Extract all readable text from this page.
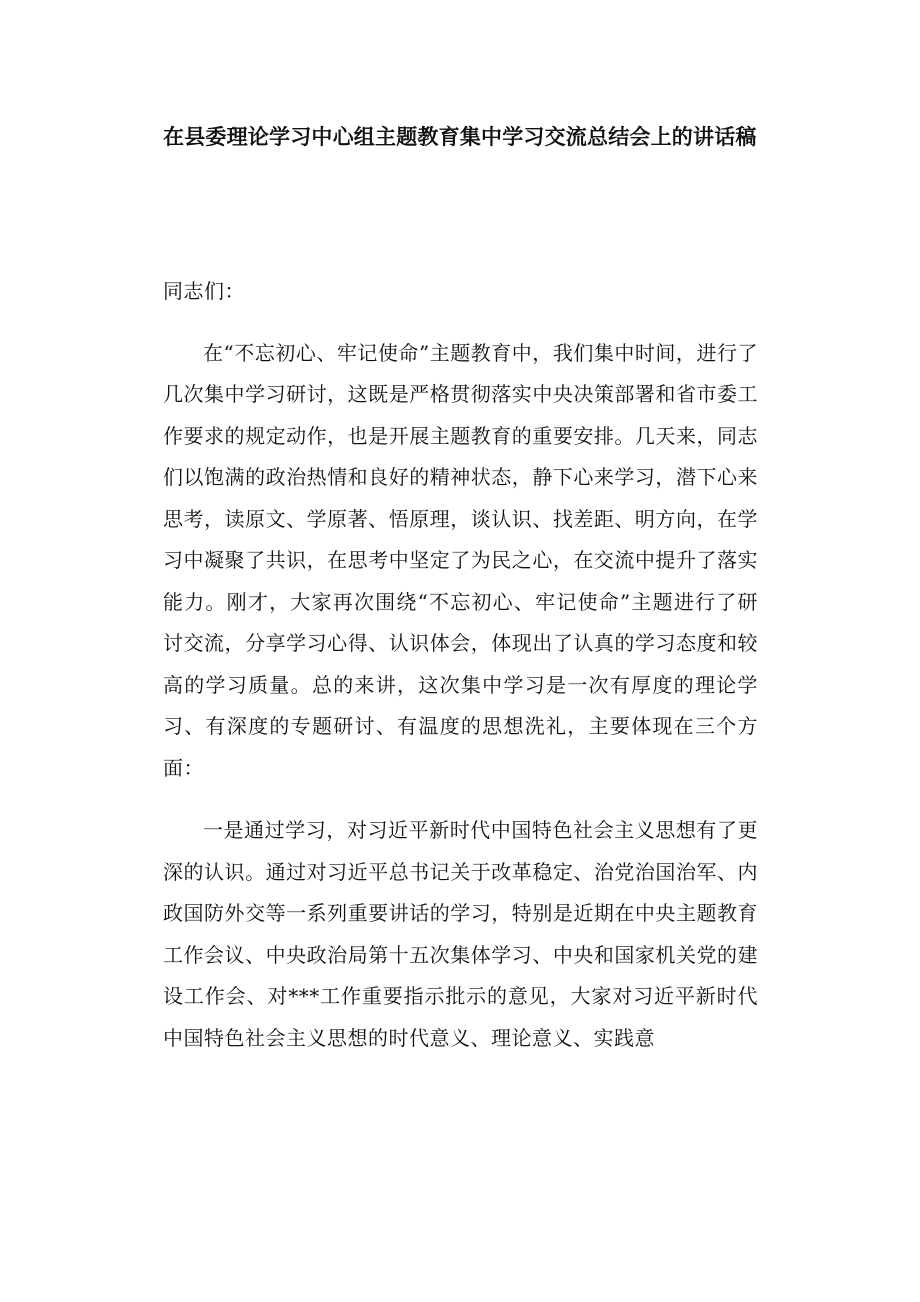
在县委理论学习中心组主题教育集中学习交流总结会上的讲话稿

同志们：

在“不忘初心、牢记使命”主题教育中，我们集中时间，进行了几次集中学习研讨，这既是严格贯彻落实中央决策部署和省市委工作要求的规定动作，也是开展主题教育的重要安排。几天来，同志们以饱满的政治热情和良好的精神状态，静下心来学习，潜下心来思考，读原文、学原著、悟原理，谈认识、找差距、明方向，在学习中凝聚了共识，在思考中坚定了为民之心，在交流中提升了落实能力。刚才，大家再次围绕“不忘初心、牢记使命”主题进行了研讨交流，分享学习心得、认识体会，体现出了认真的学习态度和较高的学习质量。总的来讲，这次集中学习是一次有厚度的理论学习、有深度的专题研讨、有温度的思想洗礼，主要体现在三个方面：

一是通过学习，对习近平新时代中国特色社会主义思想有了更深的认识。通过对习近平总书记关于改革稳定、治党治国治军、内政国防外交等一系列重要讲话的学习，特别是近期在中央主题教育工作会议、中央政治局第十五次集体学习、中央和国家机关党的建设工作会、对***工作重要指示批示的意见，大家对习近平新时代中国特色社会主义思想的时代意义、理论意义、实践意
